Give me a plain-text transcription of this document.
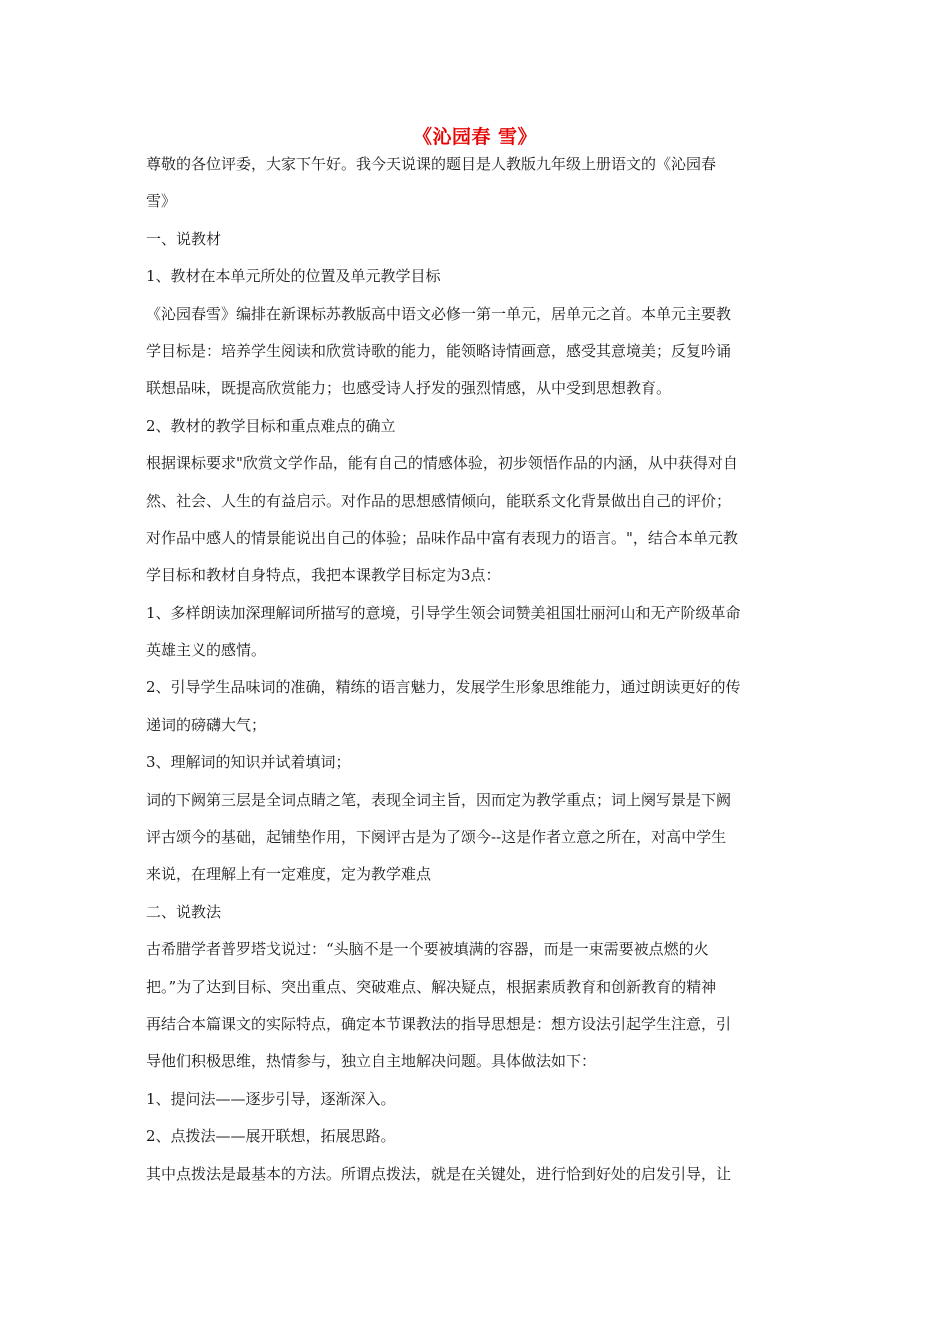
《沁园春 雪》
尊敬的各位评委，大家下午好。我今天说课的题目是人教版九年级上册语文的《沁园春
雪》
一、说教材
1、教材在本单元所处的位置及单元教学目标
《沁园春雪》编排在新课标苏教版高中语文必修一第一单元，居单元之首。本单元主要教
学目标是：培养学生阅读和欣赏诗歌的能力，能领略诗情画意，感受其意境美；反复吟诵
联想品味，既提高欣赏能力；也感受诗人抒发的强烈情感，从中受到思想教育。
2、教材的教学目标和重点难点的确立
根据课标要求"欣赏文学作品，能有自己的情感体验，初步领悟作品的内涵，从中获得对自
然、社会、人生的有益启示。对作品的思想感情倾向，能联系文化背景做出自己的评价；
对作品中感人的情景能说出自己的体验；品味作品中富有表现力的语言。"，结合本单元教
学目标和教材自身特点，我把本课教学目标定为3点：
1、多样朗读加深理解词所描写的意境，引导学生领会词赞美祖国壮丽河山和无产阶级革命
英雄主义的感情。
2、引导学生品味词的准确，精练的语言魅力，发展学生形象思维能力，通过朗读更好的传
递词的磅礴大气；
3、理解词的知识并试着填词；
词的下阙第三层是全词点睛之笔，表现全词主旨，因而定为教学重点；词上阕写景是下阙
评古颂今的基础，起铺垫作用，下阕评古是为了颂今--这是作者立意之所在，对高中学生
来说，在理解上有一定难度，定为教学难点
二、说教法
古希腊学者普罗塔戈说过：“头脑不是一个要被填满的容器，而是一束需要被点燃的火
把。”为了达到目标、突出重点、突破难点、解决疑点，根据素质教育和创新教育的精神
再结合本篇课文的实际特点，确定本节课教法的指导思想是：想方设法引起学生注意，引
导他们积极思维，热情参与，独立自主地解决问题。具体做法如下：
1、提问法——逐步引导，逐渐深入。
2、点拨法——展开联想，拓展思路。
其中点拨法是最基本的方法。所谓点拨法，就是在关键处，进行恰到好处的启发引导，让
